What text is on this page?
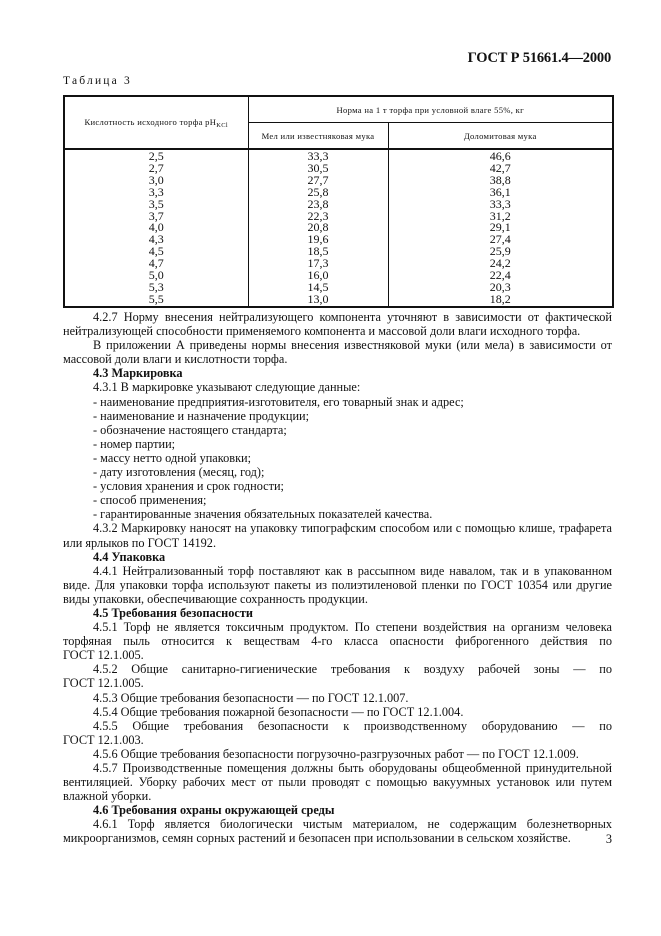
ГОСТ Р 51661.4—2000
Таблица 3
Кислотность исходного торфа $pH_{KCl}$	Норма на 1 т торфа при условной влаге 55%, кг	
	Мел или известняковая мука	Доломитовая мука
2,5	33,3	46,6
2,7	30,5	42,7
3,0	27,7	38,8
3,3	25,8	36,1
3,5	23,8	33,3
3,7	22,3	31,2
4,0	20,8	29,1
4,3	19,6	27,4
4,5	18,5	25,9
4,7	17,3	24,2
5,0	16,0	22,4
5,3	14,5	20,3
5,5	13,0	18,2

4.2.7 Норму внесения нейтрализующего компонента уточняют в зависимости от фактической нейтрализующей способности применяемого компонента и массовой доли влаги исходного торфа.

В приложении А приведены нормы внесения известняковой муки (или мела) в зависимости от массовой доли влаги и кислотности торфа.

4.3 Маркировка

4.3.1 В маркировке указывают следующие данные:

- наименование предприятия-изготовителя, его товарный знак и адрес;

- наименование и назначение продукции;

- обозначение настоящего стандарта;

- номер партии;

- массу нетто одной упаковки;

- дату изготовления (месяц, год);

- условия хранения и срок годности;

- способ применения;

- гарантированные значения обязательных показателей качества.

4.3.2 Маркировку наносят на упаковку типографским способом или с помощью клише, трафарета или ярлыков по ГОСТ 14192.

4.4 Упаковка

4.4.1 Нейтрализованный торф поставляют как в рассыпном виде навалом, так и в упакованном виде. Для упаковки торфа используют пакеты из полиэтиленовой пленки по ГОСТ 10354 или другие виды упаковки, обеспечивающие сохранность продукции.

4.5 Требования безопасности

4.5.1 Торф не является токсичным продуктом. По степени воздействия на организм человека торфяная пыль относится к веществам 4-го класса опасности фиброгенного действия по

ГОСТ 12.1.005.

4.5.2 Общие санитарно-гигиенические требования к воздуху рабочей зоны — по

ГОСТ 12.1.005.

4.5.3 Общие требования безопасности — по ГОСТ 12.1.007.

4.5.4 Общие требования пожарной безопасности — по ГОСТ 12.1.004.

4.5.5 Общие требования безопасности к производственному оборудованию — по

ГОСТ 12.1.003.

4.5.6 Общие требования безопасности погрузочно-разгрузочных работ — по ГОСТ 12.1.009.

4.5.7 Производственные помещения должны быть оборудованы общеобменной принудительной вентиляцией. Уборку рабочих мест от пыли проводят с помощью вакуумных установок или путем влажной уборки.

4.6 Требования охраны окружающей среды

4.6.1 Торф является биологически чистым материалом, не содержащим болезнетворных микроорганизмов, семян сорных растений и безопасен при использовании в сельском хозяйстве.	3
